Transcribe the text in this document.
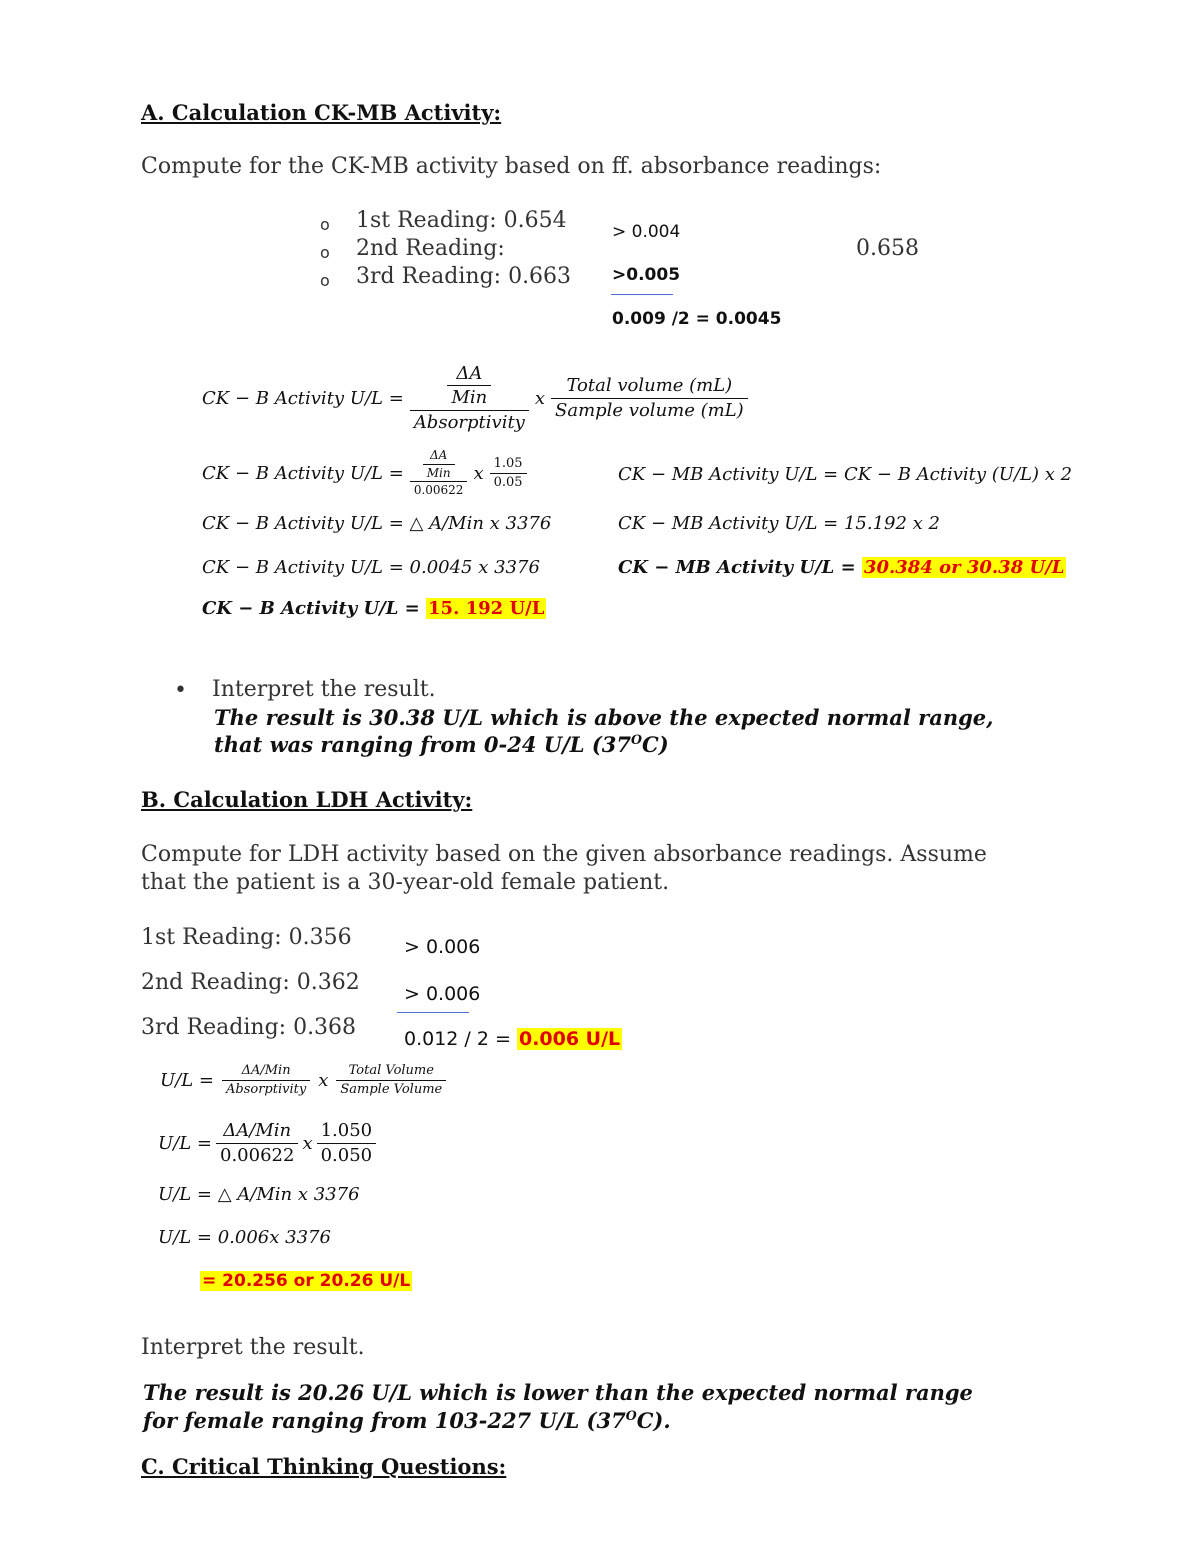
A. Calculation CK-MB Activity:
Compute for the CK-MB activity based on ff. absorbance readings:
o 1st Reading: 0.654
o 2nd Reading:	0.658
o 3rd Reading: 0.663
> 0.004
>0.005
0.009 /2 = 0.0045
CK − B Activity $U/L = \frac{\frac{\Delta A}{\text{Min}}}{\text{Absorptivity}}$ x $\frac{\text{Total volume (mL)}}{\text{Sample volume (mL)}}$
CK − B Activity $U/L = \frac{\frac{\Delta A}{\text{Min}}}{0.00622}$ x $\frac{1.05}{0.05}$
CK − B Activity U/L = △ A/Min x 3376
CK − B Activity U/L = 0.0045 x 3376
CK − B Activity U/L = 15. 192 U/L
CK − MB Activity U/L = CK − B Activity (U/L) x 2
CK − MB Activity U/L = 15.192 x 2
CK − MB Activity U/L = 30.384 or 30.38 U/L
• Interpret the result.
The result is 30.38 U/L which is above the expected normal range,
that was ranging from 0-24 U/L $(37^OC)$
B. Calculation LDH Activity:
Compute for LDH activity based on the given absorbance readings. Assume
that the patient is a 30-year-old female patient.
1st Reading: 0.356
2nd Reading: 0.362
3rd Reading: 0.368
> 0.006
> 0.006
0.012 / 2 = 0.006 U/L
$U/L = \frac{\text{ΔA/Min}}{\text{Absorptivity}}$ x $\frac{\text{Total Volume}}{\text{Sample Volume}}$
$U/L = \frac{\text{ΔA/Min}}{0.00622}$ x $\frac{1.050}{0.050}$
U/L = △ A/Min x 3376
U/L = 0.006x 3376
= 20.256 or 20.26 U/L
Interpret the result.
The result is 20.26 U/L which is lower than the expected normal range
for female ranging from 103-227 U/L $(37^OC)$.
C. Critical Thinking Questions:
